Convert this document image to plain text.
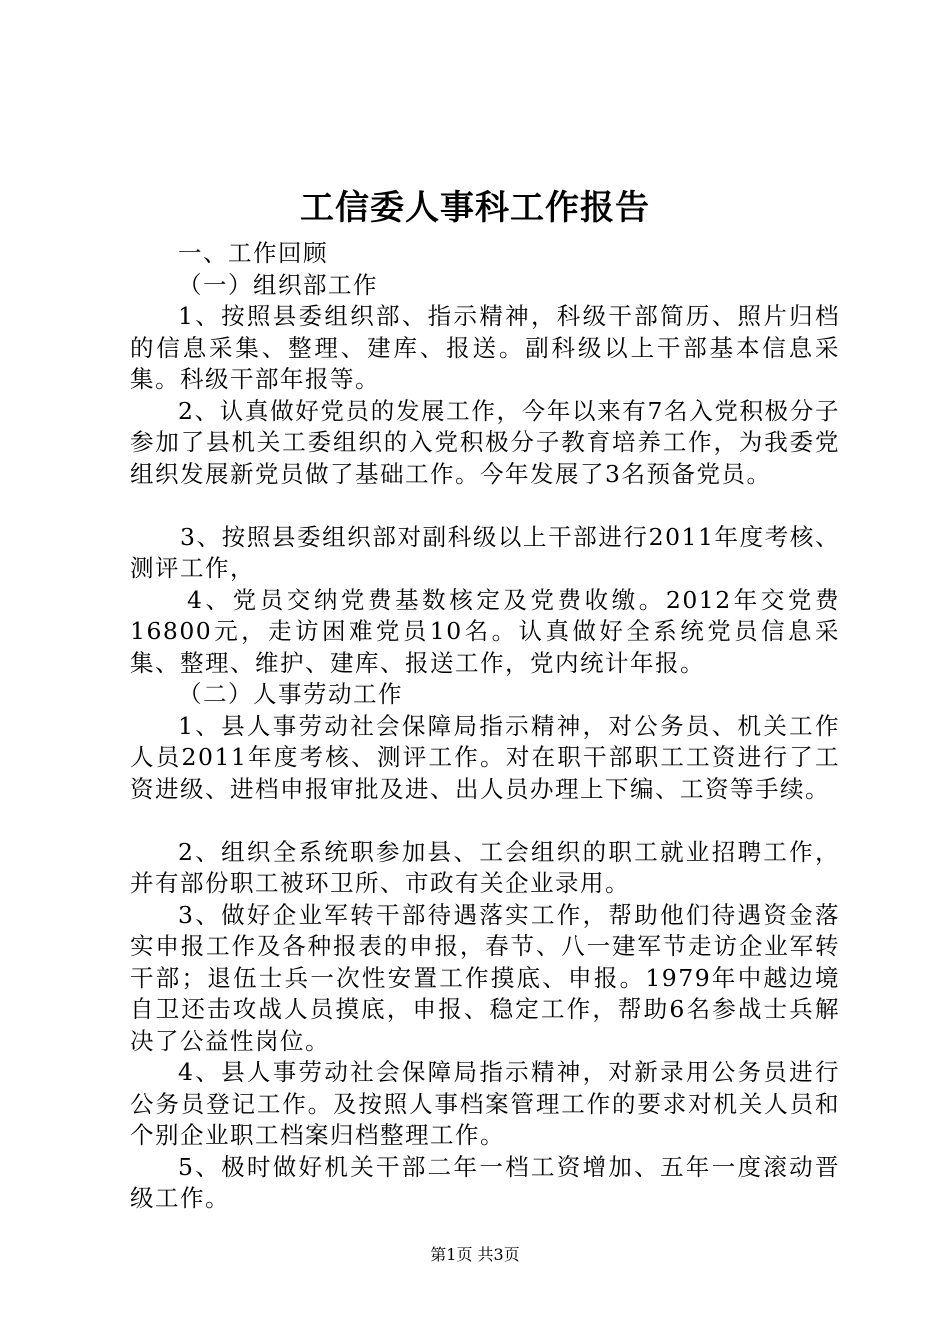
工信委人事科工作报告

一、工作回顾

（一）组织部工作

1、按照县委组织部、指示精神，科级干部简历、照片归档的信息采集、整理、建库、报送。副科级以上干部基本信息采集。科级干部年报等。

2、认真做好党员的发展工作，今年以来有7名入党积极分子参加了县机关工委组织的入党积极分子教育培养工作，为我委党组织发展新党员做了基础工作。今年发展了3名预备党员。

3、按照县委组织部对副科级以上干部进行2011年度考核、测评工作，

4、党员交纳党费基数核定及党费收缴。2012年交党费16800元，走访困难党员10名。认真做好全系统党员信息采集、整理、维护、建库、报送工作，党内统计年报。

（二）人事劳动工作

1、县人事劳动社会保障局指示精神，对公务员、机关工作人员2011年度考核、测评工作。对在职干部职工工资进行了工资进级、进档申报审批及进、出人员办理上下编、工资等手续。

2、组织全系统职参加县、工会组织的职工就业招聘工作，并有部份职工被环卫所、市政有关企业录用。

3、做好企业军转干部待遇落实工作，帮助他们待遇资金落实申报工作及各种报表的申报，春节、八一建军节走访企业军转干部；退伍士兵一次性安置工作摸底、申报。1979年中越边境自卫还击攻战人员摸底，申报、稳定工作，帮助6名参战士兵解决了公益性岗位。

4、县人事劳动社会保障局指示精神，对新录用公务员进行公务员登记工作。及按照人事档案管理工作的要求对机关人员和个别企业职工档案归档整理工作。

5、极时做好机关干部二年一档工资增加、五年一度滚动晋级工作。

第1页 共3页
